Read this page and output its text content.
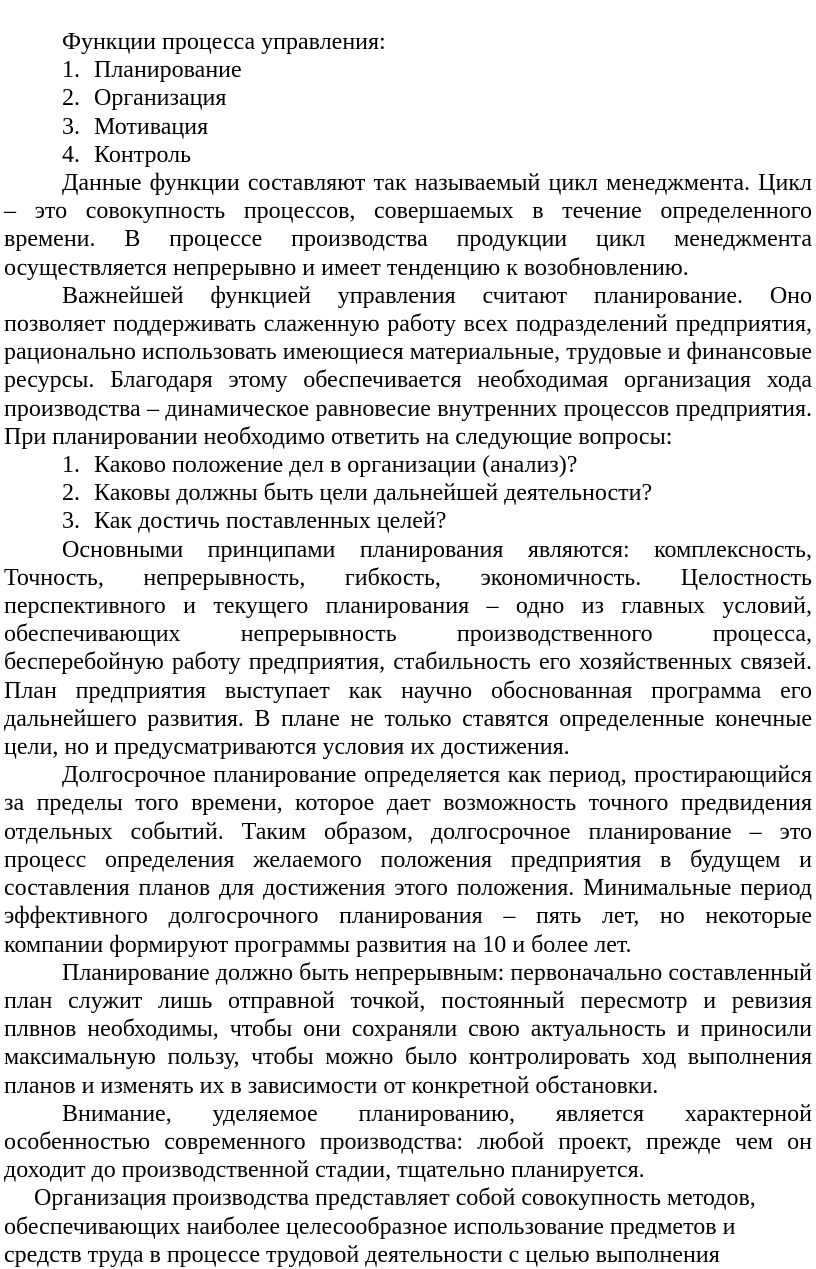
Функции процесса управления:

1. Планирование
2. Организация
3. Мотивация
4. Контроль

Данные функции составляют так называемый цикл менеджмента. Цикл – это совокупность процессов, совершаемых в течение определенного времени. В процессе производства продукции цикл менеджмента осуществляется непрерывно и имеет тенденцию к возобновлению.

Важнейшей функцией управления считают планирование. Оно позволяет поддерживать слаженную работу всех подразделений предприятия, рационально использовать имеющиеся материальные, трудовые и финансовые ресурсы. Благодаря этому обеспечивается необходимая организация хода производства – динамическое равновесие внутренних процессов предприятия. При планировании необходимо ответить на следующие вопросы:

1. Каково положение дел в организации (анализ)?
2. Каковы должны быть цели дальнейшей деятельности?
3. Как достичь поставленных целей?

Основными принципами планирования являются: комплексность, Точность, непрерывность, гибкость, экономичность. Целостность перспективного и текущего планирования – одно из главных условий, обеспечивающих непрерывность производственного процесса, бесперебойную работу предприятия, стабильность его хозяйственных связей. План предприятия выступает как научно обоснованная программа его дальнейшего развития. В плане не только ставятся определенные конечные цели, но и предусматриваются условия их достижения.

Долгосрочное планирование определяется как период, простирающийся за пределы того времени, которое дает возможность точного предвидения отдельных событий. Таким образом, долгосрочное планирование – это процесс определения желаемого положения предприятия в будущем и составления планов для достижения этого положения. Минимальные период эффективного долгосрочного планирования – пять лет, но некоторые компании формируют программы развития на 10 и более лет.

Планирование должно быть непрерывным: первоначально составленный план служит лишь отправной точкой, постоянный пересмотр и ревизия плвнов необходимы, чтобы они сохраняли свою актуальность и приносили максимальную пользу, чтобы можно было контролировать ход выполнения планов и изменять их в зависимости от конкретной обстановки.

Внимание, уделяемое планированию, является характерной особенностью современного производства: любой проект, прежде чем он доходит до производственной стадии, тщательно планируется.

Организация производства представляет собой совокупность методов, обеспечивающих наиболее целесообразное использование предметов и средств труда в процессе трудовой деятельности с целью выполнения
